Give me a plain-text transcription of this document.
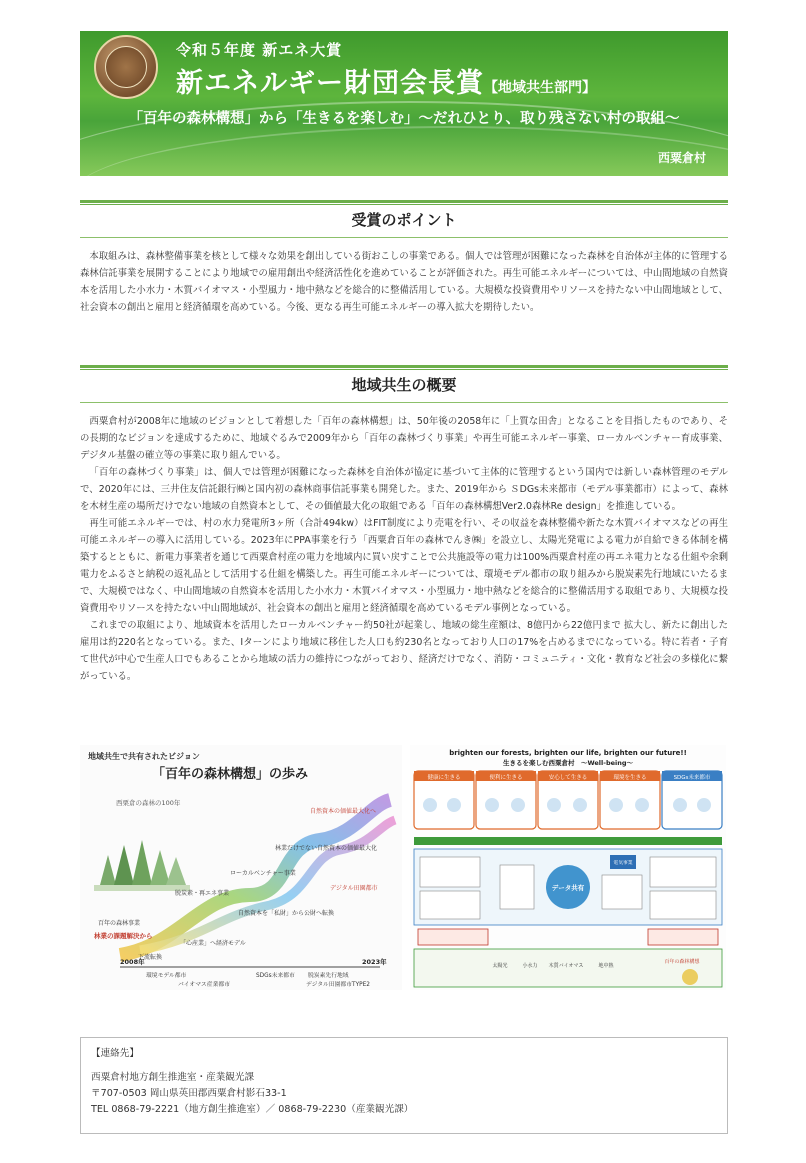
令和５年度 新エネ大賞
新エネルギー財団会長賞【地域共生部門】
「百年の森林構想」から「生きるを楽しむ」～だれひとり、取り残さない村の取組～
西粟倉村
受賞のポイント

本取組みは、森林整備事業を核として様々な効果を創出している街おこしの事業である。個人では管理が困難になった森林を自治体が主体的に管理する森林信託事業を展開することにより地域での雇用創出や経済活性化を進めていることが評価された。再生可能エネルギーについては、中山間地域の自然資本を活用した小水力・木質バイオマス・小型風力・地中熱などを総合的に整備活用している。大規模な投資費用やリソースを持たない中山間地域として、社会資本の創出と雇用と経済循環を高めている。今後、更なる再生可能エネルギーの導入拡大を期待したい。

地域共生の概要

西粟倉村が2008年に地域のビジョンとして着想した「百年の森林構想」は、50年後の2058年に「上質な田舎」となることを目指したものであり、その長期的なビジョンを達成するために、地域ぐるみで2009年から「百年の森林づくり事業」や再生可能エネルギー事業、ローカルベンチャー育成事業、デジタル基盤の確立等の事業に取り組んでいる。

「百年の森林づくり事業」は、個人では管理が困難になった森林を自治体が協定に基づいて主体的に管理するという国内では新しい森林管理のモデルで、2020年には、三井住友信託銀行㈱と国内初の森林商事信託事業も開発した。また、2019年から ＳDGs未来都市（モデル事業都市）によって、森林を木材生産の場所だけでない地域の自然資本として、その価値最大化の取組である「百年の森林構想Ver2.0森林Re design」を推進している。

再生可能エネルギーでは、村の水力発電所3ヶ所（合計494kw）はFIT制度により売電を行い、その収益を森林整備や新たな木質バイオマスなどの再生可能エネルギーの導入に活用している。2023年にPPA事業を行う「西粟倉百年の森林でんき㈱」を設立し、太陽光発電による電力が自給できる体制を構築するとともに、新電力事業者を通じて西粟倉村産の電力を地域内に買い戻すことで公共施設等の電力は100%西粟倉村産の再エネ電力となる仕組や余剰電力をふるさと納税の返礼品として活用する仕組を構築した。再生可能エネルギーについては、環境モデル都市の取り組みから脱炭素先行地域にいたるまで、大規模ではなく、中山間地域の自然資本を活用した小水力・木質バイオマス・小型風力・地中熱などを総合的に整備活用する取組であり、大規模な投資費用やリソースを持たない中山間地域が、社会資本の創出と雇用と経済循環を高めているモデル事例となっている。

これまでの取組により、地域資本を活用したローカルベンチャー約50社が起業し、地域の総生産額は、8億円から22億円まで 拡大し、新たに創出した雇用は約220名となっている。また、Iターンにより地域に移住した人口も約230名となっており人口の17%を占めるまでになっている。特に若者・子育て世代が中心で生産人口でもあることから地域の活力の維持につながっており、経済だけでなく、消防・コミュニティ・文化・教育など社会の多様化に繋がっている。

地域共生で共有されたビジョン
「百年の森林構想」の歩み
西栗倉の森林の100年
林業の課題解決から
百年の森林事業
ローカルベンチャー事業
脱炭素・再エネ事業
自然資本の価値最大化へ
林業だけでない自然資本の価値最大化
自然資本を「私財」から公財へ転換
デジタル田園都市
「心産業」へ経済モデル
下流転換
2008年
環境モデル都市
バイオマス産業都市
SDGs未来都市 脱炭素先行地域
デジタル田園都市TYPE2
2023年
brighten our forests, brighten our life, brighten our future!!
生きるを楽しむ西粟倉村　～Well-being～
健康に生きる	便利に生きる	安心して生きる	環境を生きる	SDGs未来都市
電気事業
データ共有
小水力 木質バイオマス	地中熱
太陽光
百年の森林構想
【連絡先】
西粟倉村地方創生推進室・産業観光課
〒707-0503 岡山県英田郡西粟倉村影石33-1
TEL 0868-79-2221（地方創生推進室）／ 0868-79-2230（産業観光課）
